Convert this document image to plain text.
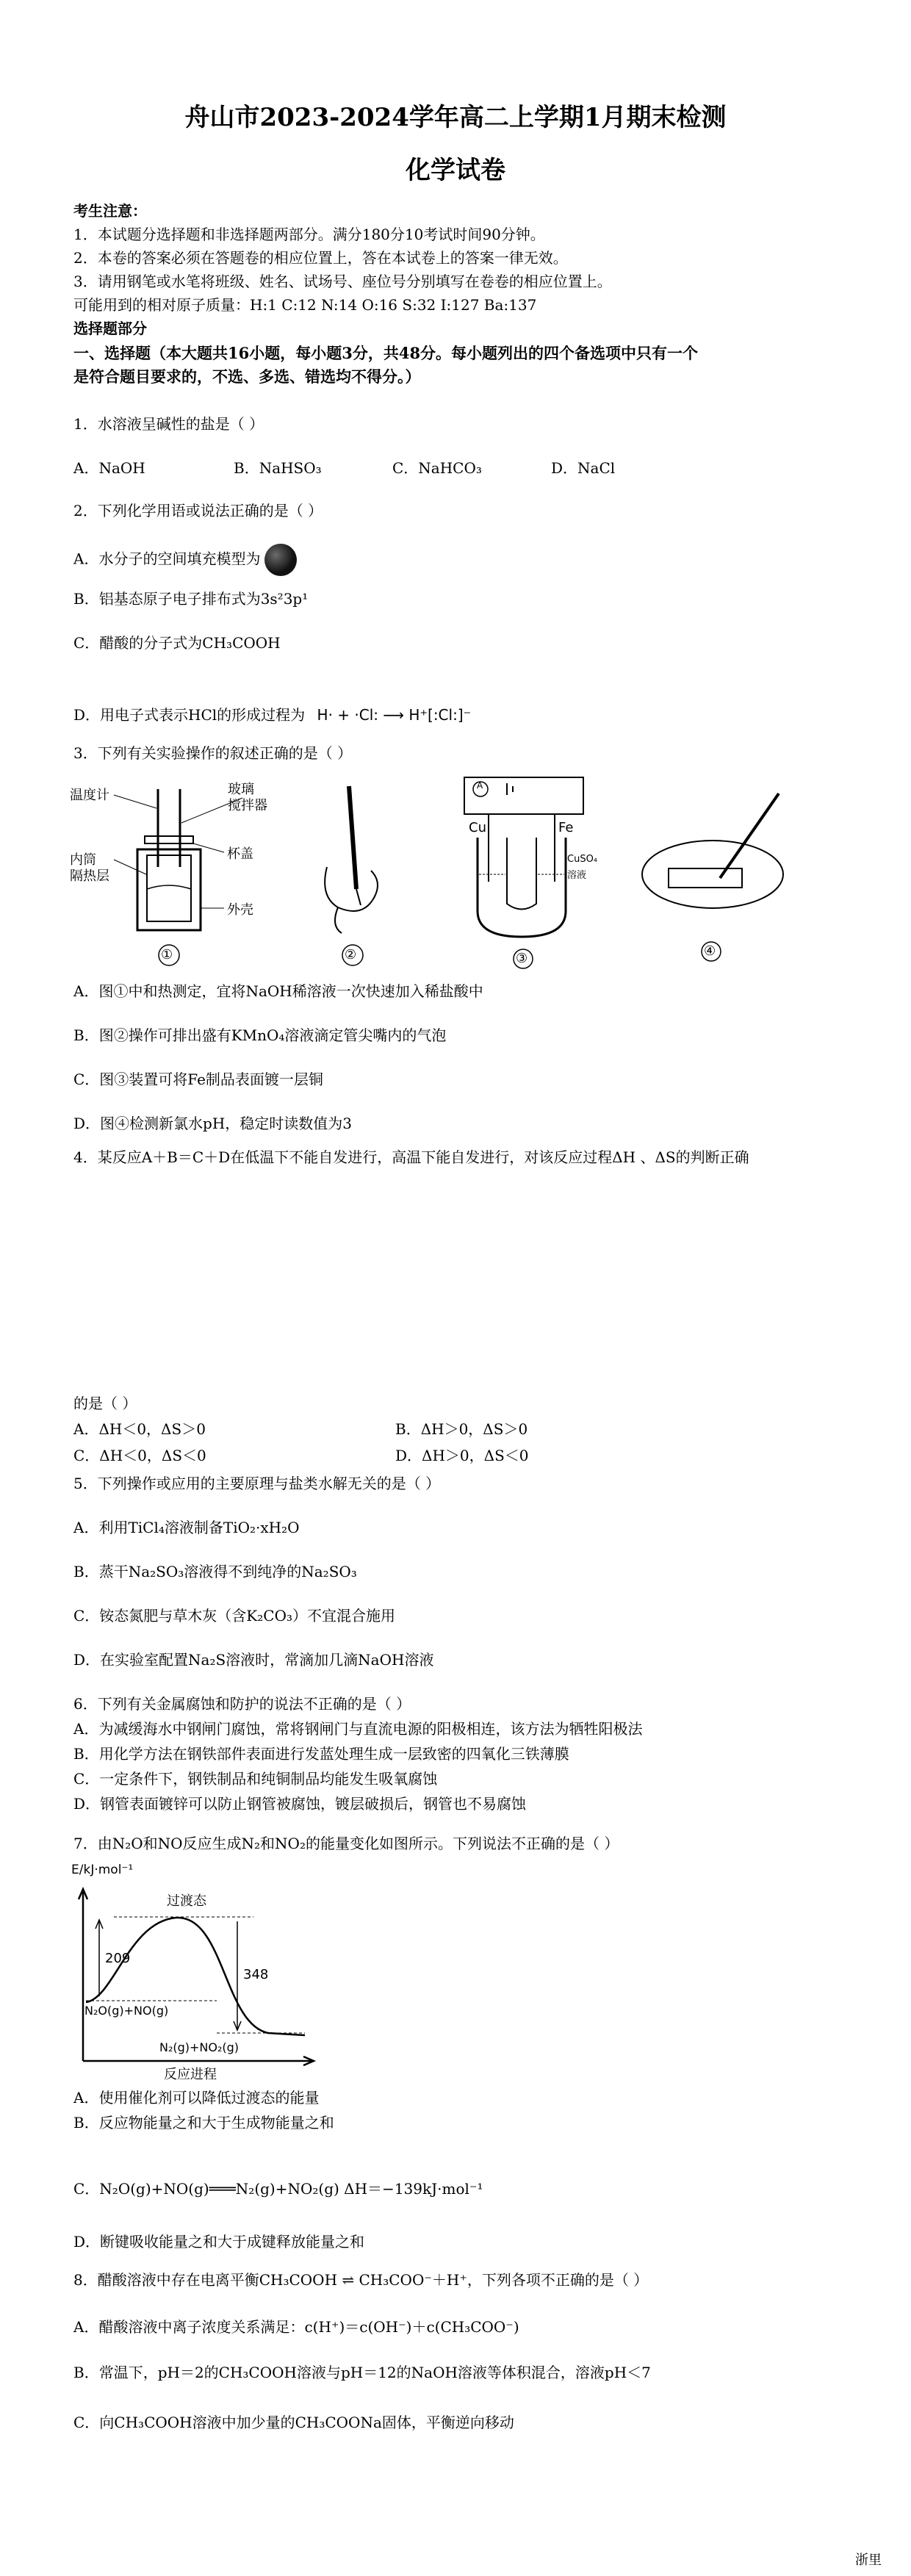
舟山市2023-2024学年高二上学期1月期末检测
化学试卷
考生注意：
1．本试题分选择题和非选择题两部分。满分180分10考试时间90分钟。
2．本卷的答案必须在答题卷的相应位置上，答在本试卷上的答案一律无效。
3．请用钢笔或水笔将班级、姓名、试场号、座位号分别填写在卷卷的相应位置上。
可能用到的相对原子质量：H:1 C:12 N:14 O:16 S:32 I:127 Ba:137
选择题部分
一、选择题（本大题共16小题，每小题3分，共48分。每小题列出的四个备选项中只有一个
是符合题目要求的，不选、多选、错选均不得分。）
1．水溶液呈碱性的盐是（ ）
A．NaOH	B．NaHSO₃	C．NaHCO₃	D．NaCl
2．下列化学用语或说法正确的是（ ）
A．水分子的空间填充模型为
B．铝基态原子电子排布式为3s²3p¹
C．醋酸的分子式为CH₃COOH
D．用电子式表示HCl的形成过程为 H· + ·Cl: ⟶ H⁺[:Cl:]⁻
3．下列有关实验操作的叙述正确的是（ ）
温度计	玻璃
搅拌器
内筒
隔热层
杯盖
外壳
①	②
A
Cu	Fe
CuSO₄
溶液
③	④
A．图①中和热测定，宜将NaOH稀溶液一次快速加入稀盐酸中
B．图②操作可排出盛有KMnO₄溶液滴定管尖嘴内的气泡
C．图③装置可将Fe制品表面镀一层铜
D．图④检测新氯水pH，稳定时读数值为3
4．某反应A＋B＝C＋D在低温下不能自发进行，高温下能自发进行，对该反应过程ΔH 、ΔS的判断正确
的是（ ）
A．ΔH＜0，ΔS＞0	B．ΔH＞0，ΔS＞0
C．ΔH＜0，ΔS＜0	D．ΔH＞0，ΔS＜0
5．下列操作或应用的主要原理与盐类水解无关的是（ ）
A．利用TiCl₄溶液制备TiO₂·xH₂O
B．蒸干Na₂SO₃溶液得不到纯净的Na₂SO₃
C．铵态氮肥与草木灰（含K₂CO₃）不宜混合施用
D．在实验室配置Na₂S溶液时，常滴加几滴NaOH溶液
6．下列有关金属腐蚀和防护的说法不正确的是（ ）
A．为减缓海水中钢闸门腐蚀，常将钢闸门与直流电源的阳极相连，该方法为牺牲阳极法
B．用化学方法在钢铁部件表面进行发蓝处理生成一层致密的四氧化三铁薄膜
C．一定条件下，钢铁制品和纯铜制品均能发生吸氧腐蚀
D．钢管表面镀锌可以防止钢管被腐蚀，镀层破损后，钢管也不易腐蚀
7．由N₂O和NO反应生成N₂和NO₂的能量变化如图所示。下列说法不正确的是（ ）
E/kJ·mol⁻¹
过渡态
209
348
N₂O(g)+NO(g)
N₂(g)+NO₂(g)
反应进程
A．使用催化剂可以降低过渡态的能量
B．反应物能量之和大于生成物能量之和
C．N₂O(g)+NO(g)═══N₂(g)+NO₂(g) ΔH＝−139kJ·mol⁻¹
D．断键吸收能量之和大于成键释放能量之和
8．醋酸溶液中存在电离平衡CH₃COOH ⇌ CH₃COO⁻＋H⁺，下列各项不正确的是（ ）
A．醋酸溶液中离子浓度关系满足：c(H⁺)＝c(OH⁻)＋c(CH₃COO⁻)
B．常温下，pH＝2的CH₃COOH溶液与pH＝12的NaOH溶液等体积混合，溶液pH＜7
C．向CH₃COOH溶液中加少量的CH₃COONa固体，平衡逆向移动
浙里
